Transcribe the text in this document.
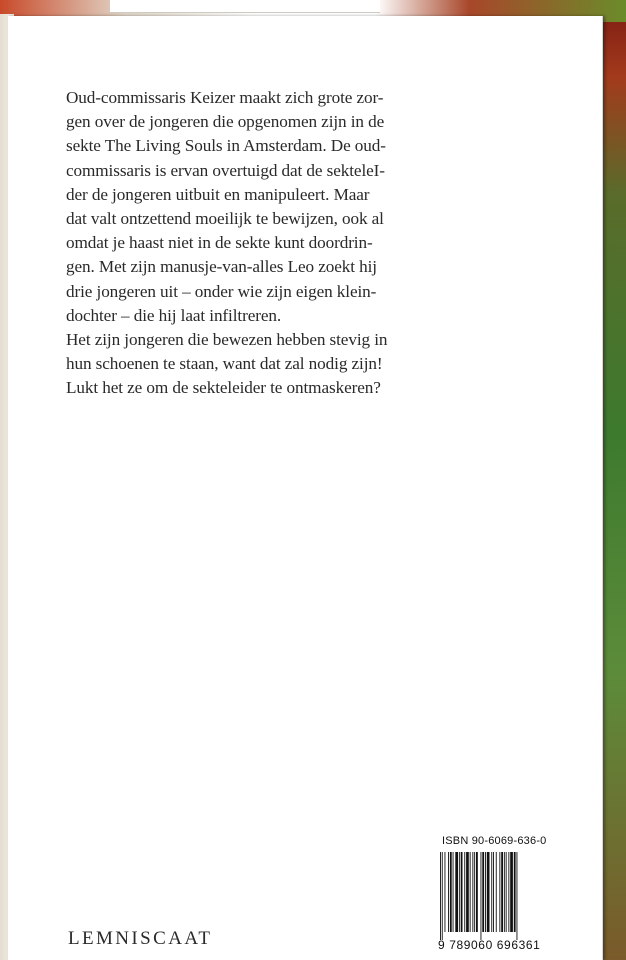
Oud-commissaris Keizer maakt zich grote zor-

gen over de jongeren die opgenomen zijn in de

sekte The Living Souls in Amsterdam. De oud-

commissaris is ervan overtuigd dat de sekteleI-

der de jongeren uitbuit en manipuleert. Maar

dat valt ontzettend moeilijk te bewijzen, ook al

omdat je haast niet in de sekte kunt doordrin-

gen. Met zijn manusje-van-alles Leo zoekt hij

drie jongeren uit – onder wie zijn eigen klein-

dochter – die hij laat infiltreren.

Het zijn jongeren die bewezen hebben stevig in

hun schoenen te staan, want dat zal nodig zijn!

Lukt het ze om de sekteleider te ontmaskeren?

ISBN 90-6069-636-0
9 789060 696361
LEMNISCAAT
